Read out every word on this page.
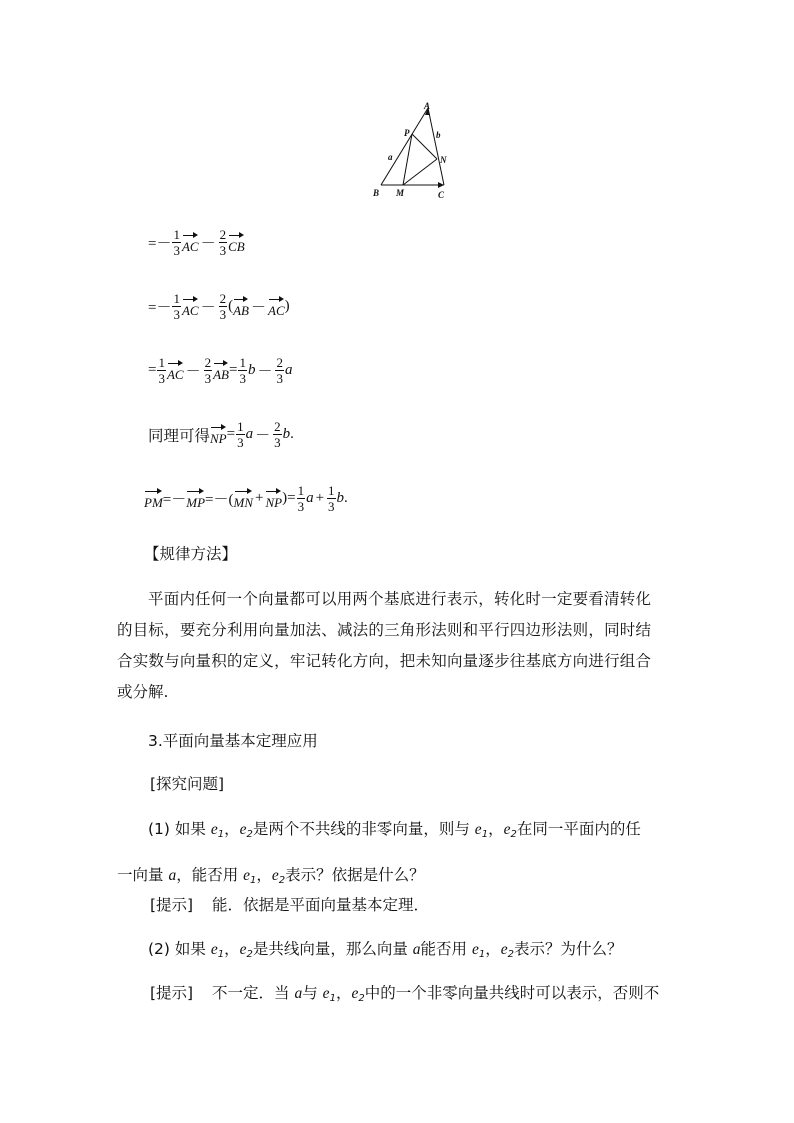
A
P	b
a	N
B M	C
=－ $\frac{1}{3}$ AC － $\frac{2}{3}$ CB
=－ $\frac{1}{3}$ AC － $\frac{2}{3}$ ( AB － AC )
= $\frac{1}{3}$ AC － $\frac{2}{3}$ AB = $\frac{1}{3}$ $b - \frac{2}{3}$ a
同理可得 NP = $\frac{1}{3}$ $a - \frac{2}{3}$ b .
PM =－ MP =－( MN + NP )= $\frac{1}{3}$ $a + \frac{1}{3}$ b .
【规律方法】
平面内任何一个向量都可以用两个基底进行表示，转化时一定要看清转化的目标，要充分利用向量加法、减法的三角形法则和平行四边形法则，同时结合实数与向量积的定义，牢记转化方向，把未知向量逐步往基底方向进行组合或分解.
3.平面向量基本定理应用
[探究问题]
(1) 如果 $e_1$，$e_2$是两个不共线的非零向量，则与 $e_1$，$e_2$在同一平面内的任
一向量 a，能否用 $e_1$，$e_2$表示？依据是什么？
[提示] 能．依据是平面向量基本定理．
(2) 如果 $e_1$，$e_2$是共线向量，那么向量 a能否用 $e_1$，$e_2$表示？为什么？
[提示] 不一定．当 a与 $e_1$，$e_2$中的一个非零向量共线时可以表示，否则不
